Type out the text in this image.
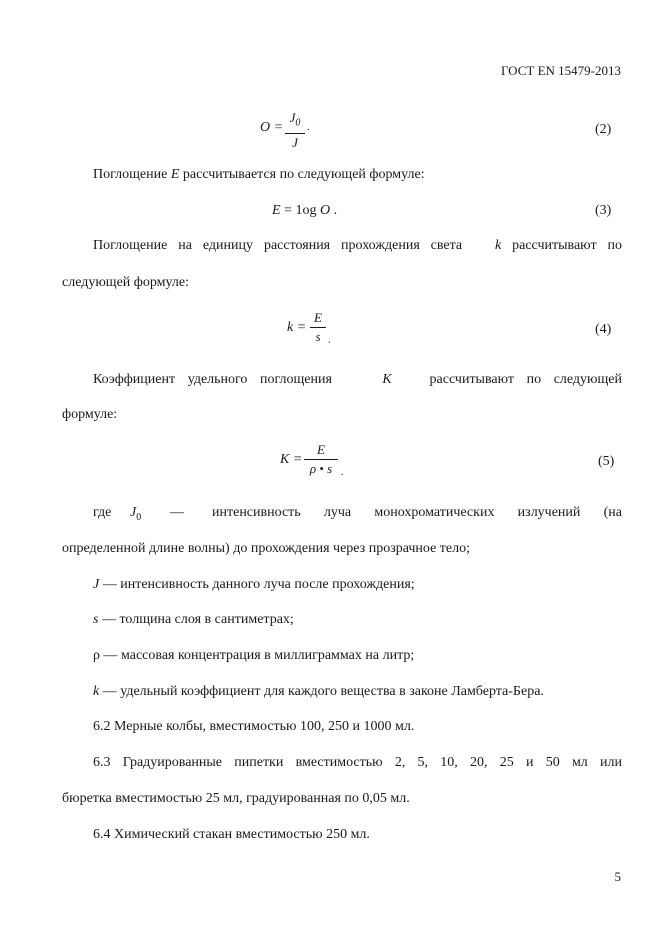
ГОСТ EN 15479-2013
O =
$J_0$
J
.	(2)
Поглощение E рассчитывается по следующей формуле:
E = 1og O .	(3)
Поглощение на единицу расстояния прохождения света k рассчитывают по
следующей формуле:
k =
E
s .
(4)
Коэффициент удельного поглощения	K	рассчитывают по следующей
формуле:
K =
E
ρ • s .
(5)
где $J_0$ — интенсивность луча монохроматических излучений (на
определенной длине волны) до прохождения через прозрачное тело;
J — интенсивность данного луча после прохождения;
s — толщина слоя в сантиметрах;
ρ — массовая концентрация в миллиграммах на литр;
k — удельный коэффициент для каждого вещества в законе Ламберта-Бера.
6.2 Мерные колбы, вместимостью 100, 250 и 1000 мл.
6.3 Градуированные пипетки вместимостью 2, 5, 10, 20, 25 и 50 мл или
бюретка вместимостью 25 мл, градуированная по 0,05 мл.
6.4 Химический стакан вместимостью 250 мл.
5
